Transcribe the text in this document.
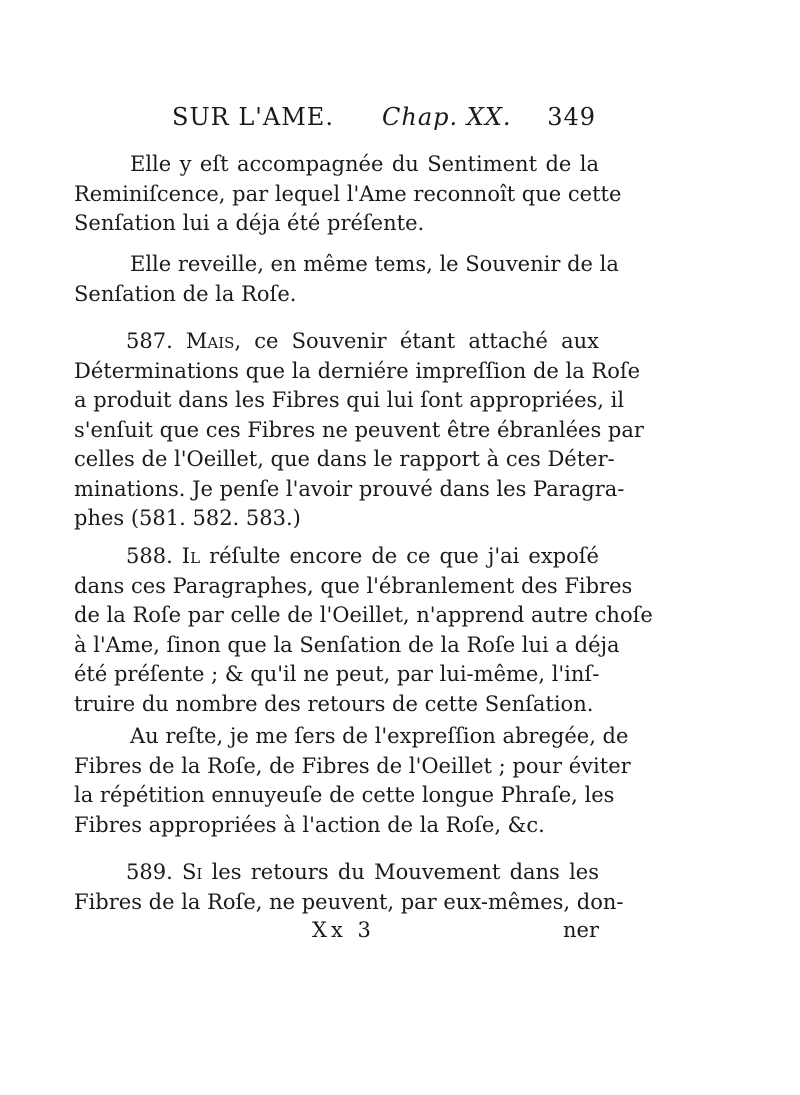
SUR L'AME. Chap. XX. 349
Elle y eſt accompagnée du Sentiment de la
Reminiſcence, par lequel l'Ame reconnoît que cette
Senſation lui a déja été préſente.
Elle reveille, en même tems, le Souvenir de la
Senſation de la Roſe.
587. Mais, ce Souvenir étant attaché aux
Déterminations que la derniére impreſſion de la Roſe
a produit dans les Fibres qui lui ſont appropriées, il
s'enſuit que ces Fibres ne peuvent être ébranlées par
celles de l'Oeillet, que dans le rapport à ces Déter-
minations. Je penſe l'avoir prouvé dans les Paragra-
phes (581. 582. 583.)
588. Il réſulte encore de ce que j'ai expoſé
dans ces Paragraphes, que l'ébranlement des Fibres
de la Roſe par celle de l'Oeillet, n'apprend autre choſe
à l'Ame, ſinon que la Senſation de la Roſe lui a déja
été préſente ; & qu'il ne peut, par lui-même, l'inſ-
truire du nombre des retours de cette Senſation.
Au reſte, je me ſers de l'expreſſion abregée, de
Fibres de la Roſe, de Fibres de l'Oeillet ; pour éviter
la répétition ennuyeuſe de cette longue Phraſe, les
Fibres appropriées à l'action de la Roſe, &c.
589. Si les retours du Mouvement dans les
Fibres de la Roſe, ne peuvent, par eux-mêmes, don-
Xx 3	ner
